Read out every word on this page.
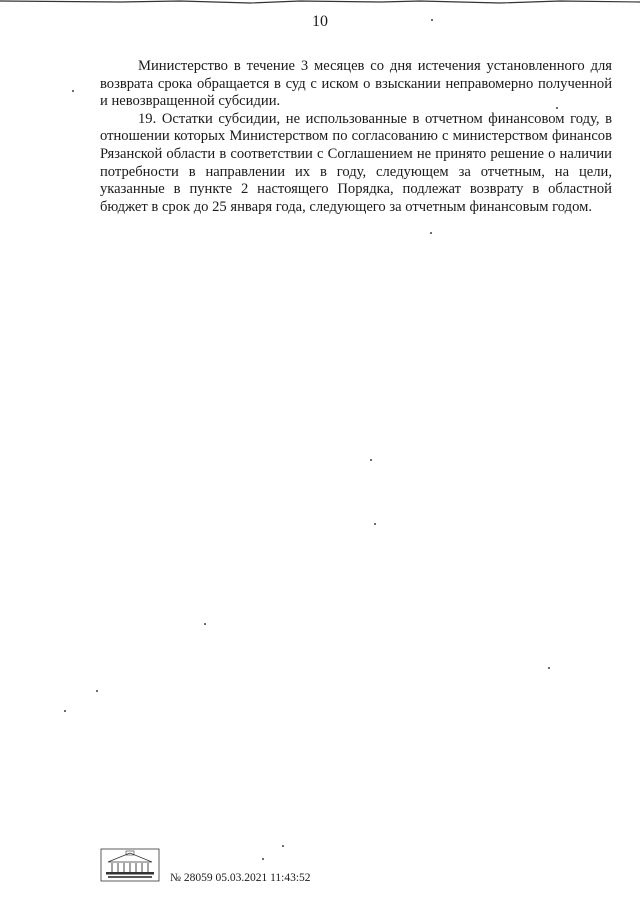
10

Министерство в течение 3 месяцев со дня истечения установленного для возврата срока обращается в суд с иском о взыскании неправомерно полученной и невозвращенной субсидии.

19. Остатки субсидии, не использованные в отчетном финансовом году, в отношении которых Министерством по согласованию с министерством финансов Рязанской области в соответствии с Соглашением не принято решение о наличии потребности в направлении их в году, следующем за отчетным, на цели, указанные в пункте 2 настоящего Порядка, подлежат возврату в областной бюджет в срок до 25 января года, следующего за отчетным финансовым годом.

№ 28059 05.03.2021 11:43:52
